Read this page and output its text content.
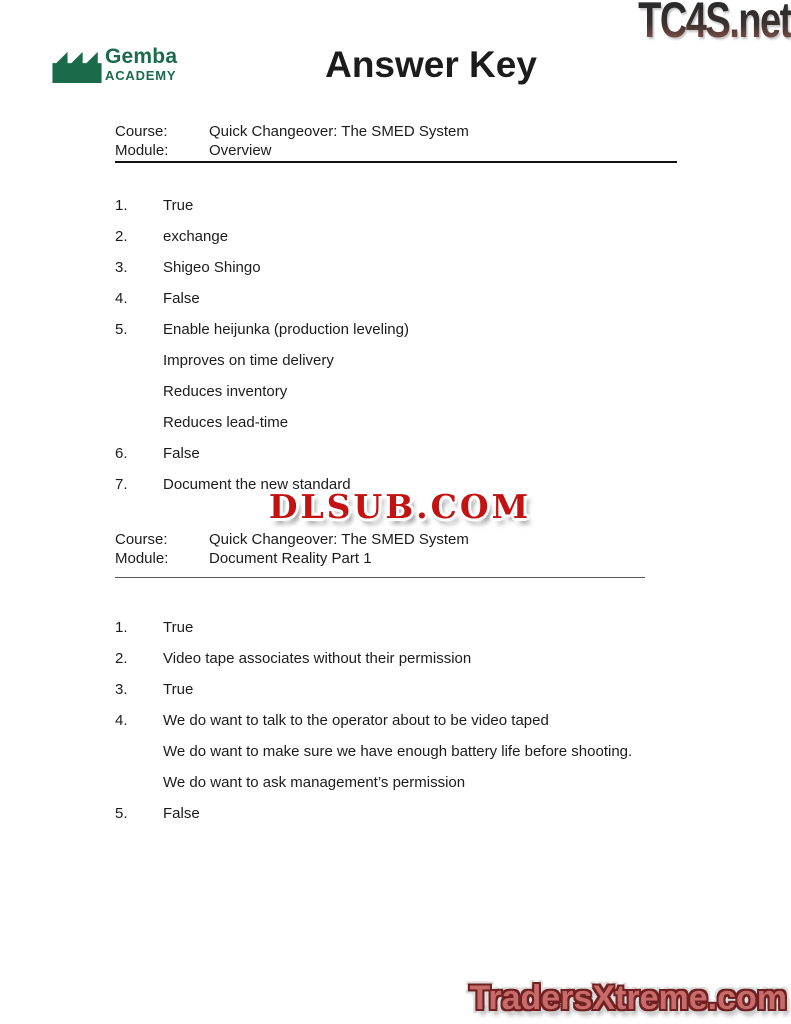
Gemba
ACADEMY	Answer Key
TC4S.net
Course:	Quick Changeover: The SMED System
Module:	Overview
1.	True
2.	exchange
3.	Shigeo Shingo
4.	False
5.	Enable heijunka (production leveling)
Improves on time delivery
Reduces inventory
Reduces lead-time
6.	False
7.	Document the new standard
DLSUB.COM
Course:	Quick Changeover: The SMED System
Module:	Document Reality Part 1
1.	True
2.	Video tape associates without their permission
3.	True
4.	We do want to talk to the operator about to be video taped
We do want to make sure we have enough battery life before shooting.
We do want to ask management’s permission
5.	False
TradersXtreme.com
